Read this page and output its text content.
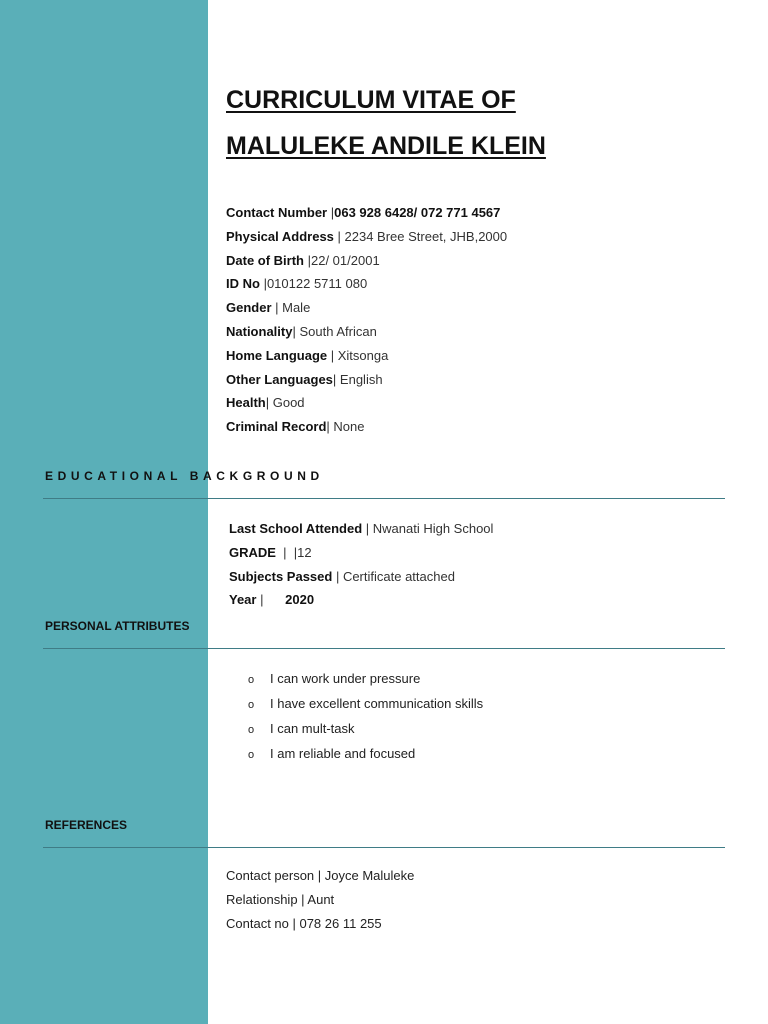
CURRICULUM VITAE OF
MALULEKE ANDILE KLEIN
Contact Number |063 928 6428/ 072 771 4567
Physical Address | 2234 Bree Street, JHB,2000
Date of Birth |22/ 01/2001
ID No |010122 5711 080
Gender | Male
Nationality| South African
Home Language | Xitsonga
Other Languages| English
Health| Good
Criminal Record| None
EDUCATIONAL BACKGROUND
Last School Attended | Nwanati High School
GRADE  |  |12
Subjects Passed | Certificate attached
Year |      2020
PERSONAL ATTRIBUTES
o I can work under pressure
o I have excellent communication skills
o I can mult-task
o I am reliable and focused
REFERENCES
Contact person | Joyce Maluleke
Relationship | Aunt
Contact no | 078 26 11 255
